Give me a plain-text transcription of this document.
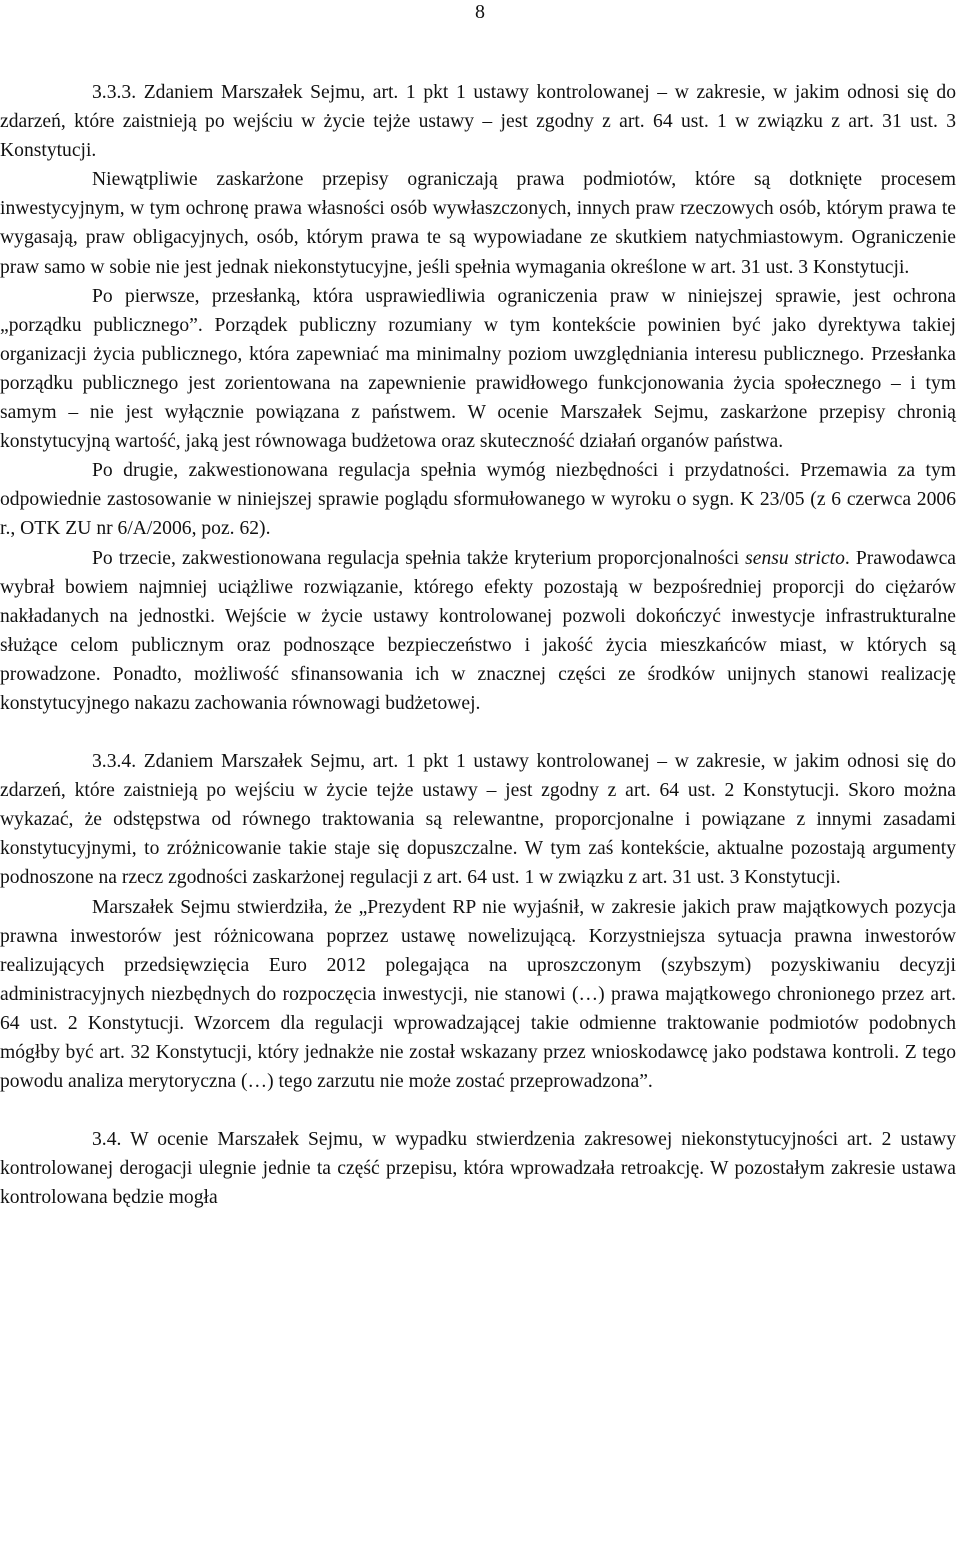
8

3.3.3. Zdaniem Marszałek Sejmu, art. 1 pkt 1 ustawy kontrolowanej – w zakresie, w jakim odnosi się do zdarzeń, które zaistnieją po wejściu w życie tejże ustawy – jest zgodny z art. 64 ust. 1 w związku z art. 31 ust. 3 Konstytucji.

Niewątpliwie zaskarżone przepisy ograniczają prawa podmiotów, które są dotknięte procesem inwestycyjnym, w tym ochronę prawa własności osób wywłaszczonych, innych praw rzeczowych osób, którym prawa te wygasają, praw obligacyjnych, osób, którym prawa te są wypowiadane ze skutkiem natychmiastowym. Ograniczenie praw samo w sobie nie jest jednak niekonstytucyjne, jeśli spełnia wymagania określone w art. 31 ust. 3 Konstytucji.

Po pierwsze, przesłanką, która usprawiedliwia ograniczenia praw w niniejszej sprawie, jest ochrona „porządku publicznego”. Porządek publiczny rozumiany w tym kontekście powinien być jako dyrektywa takiej organizacji życia publicznego, która zapewniać ma minimalny poziom uwzględniania interesu publicznego. Przesłanka porządku publicznego jest zorientowana na zapewnienie prawidłowego funkcjonowania życia społecznego – i tym samym – nie jest wyłącznie powiązana z państwem. W ocenie Marszałek Sejmu, zaskarżone przepisy chronią konstytucyjną wartość, jaką jest równowaga budżetowa oraz skuteczność działań organów państwa.

Po drugie, zakwestionowana regulacja spełnia wymóg niezbędności i przydatności. Przemawia za tym odpowiednie zastosowanie w niniejszej sprawie poglądu sformułowanego w wyroku o sygn. K 23/05 (z 6 czerwca 2006 r., OTK ZU nr 6/A/2006, poz. 62).

Po trzecie, zakwestionowana regulacja spełnia także kryterium proporcjonalności sensu stricto. Prawodawca wybrał bowiem najmniej uciążliwe rozwiązanie, którego efekty pozostają w bezpośredniej proporcji do ciężarów nakładanych na jednostki. Wejście w życie ustawy kontrolowanej pozwoli dokończyć inwestycje infrastrukturalne służące celom publicznym oraz podnoszące bezpieczeństwo i jakość życia mieszkańców miast, w których są prowadzone. Ponadto, możliwość sfinansowania ich w znacznej części ze środków unijnych stanowi realizację konstytucyjnego nakazu zachowania równowagi budżetowej.

3.3.4. Zdaniem Marszałek Sejmu, art. 1 pkt 1 ustawy kontrolowanej – w zakresie, w jakim odnosi się do zdarzeń, które zaistnieją po wejściu w życie tejże ustawy – jest zgodny z art. 64 ust. 2 Konstytucji. Skoro można wykazać, że odstępstwa od równego traktowania są relewantne, proporcjonalne i powiązane z innymi zasadami konstytucyjnymi, to zróżnicowanie takie staje się dopuszczalne. W tym zaś kontekście, aktualne pozostają argumenty podnoszone na rzecz zgodności zaskarżonej regulacji z art. 64 ust. 1 w związku z art. 31 ust. 3 Konstytucji.

Marszałek Sejmu stwierdziła, że „Prezydent RP nie wyjaśnił, w zakresie jakich praw majątkowych pozycja prawna inwestorów jest różnicowana poprzez ustawę nowelizującą. Korzystniejsza sytuacja prawna inwestorów realizujących przedsięwzięcia Euro 2012 polegająca na uproszczonym (szybszym) pozyskiwaniu decyzji administracyjnych niezbędnych do rozpoczęcia inwestycji, nie stanowi (…) prawa majątkowego chronionego przez art. 64 ust. 2 Konstytucji. Wzorcem dla regulacji wprowadzającej takie odmienne traktowanie podmiotów podobnych mógłby być art. 32 Konstytucji, który jednakże nie został wskazany przez wnioskodawcę jako podstawa kontroli. Z tego powodu analiza merytoryczna (…) tego zarzutu nie może zostać przeprowadzona”.

3.4. W ocenie Marszałek Sejmu, w wypadku stwierdzenia zakresowej niekonstytucyjności art. 2 ustawy kontrolowanej derogacji ulegnie jednie ta część przepisu, która wprowadzała retroakcję. W pozostałym zakresie ustawa kontrolowana będzie mogła
